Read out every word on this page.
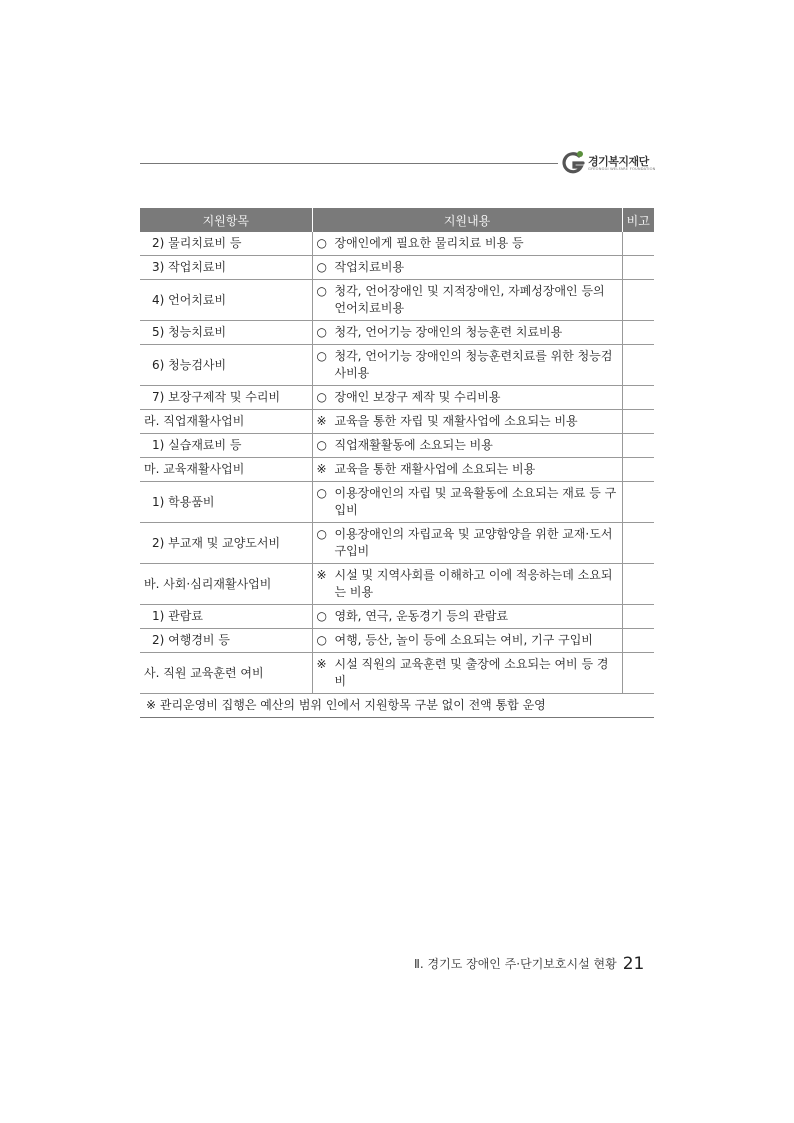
경기복지재단
GYEONGGI WELFARE FOUNDATION
지원항목	지원내용	비고
2) 물리치료비 등	○ 장애인에게 필요한 물리치료 비용 등	

3) 작업치료비	○ 작업치료비용	

4) 언어치료비	○ 청각, 언어장애인 및 지적장애인, 자폐성장애인 등의 언어치료비용	

5) 청능치료비	○ 청각, 언어기능 장애인의 청능훈련 치료비용	

6) 청능검사비	○ 청각, 언어기능 장애인의 청능훈련치료를 위한 청능검사비용	

7) 보장구제작 및 수리비	○ 장애인 보장구 제작 및 수리비용	

라. 직업재활사업비	※ 교육을 통한 자립 및 재활사업에 소요되는 비용	

1) 실습재료비 등	○ 직업재활활동에 소요되는 비용	

마. 교육재활사업비	※ 교육을 통한 재활사업에 소요되는 비용	

1) 학용품비	○ 이용장애인의 자립 및 교육활동에 소요되는 재료 등 구입비	

2) 부교재 및 교양도서비	○ 이용장애인의 자립교육 및 교양함양을 위한 교재·도서 구입비	

바. 사회·심리재활사업비	※ 시설 및 지역사회를 이해하고 이에 적응하는데 소요되는 비용	

1) 관람료	○ 영화, 연극, 운동경기 등의 관람료	

2) 여행경비 등	○ 여행, 등산, 놀이 등에 소요되는 여비, 기구 구입비	

사. 직원 교육훈련 여비	※ 시설 직원의 교육훈련 및 출장에 소요되는 여비 등 경비	

※ 관리운영비 집행은 예산의 범위 인에서 지원항목 구분 없이 전액 통합 운영		
Ⅱ. 경기도 장애인 주·단기보호시설 현황 21
